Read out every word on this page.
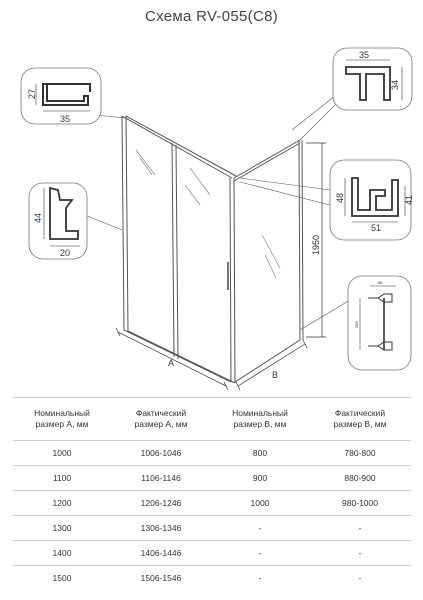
Схема RV-055(С8)
A
B
1950
27
35
44
20
35
34
48	41
51
65
286
Номинальный
размер А, мм	Фактический
размер А, мм	Номинальный
размер В, мм	Фактический
размер В, мм
1000	1006-1046	800	780-800
1100	1106-1146	900	880-900
1200	1206-1246	1000	980-1000
1300	1306-1346	-	-
1400	1406-1446	-	-
1500	1506-1546	-	-
